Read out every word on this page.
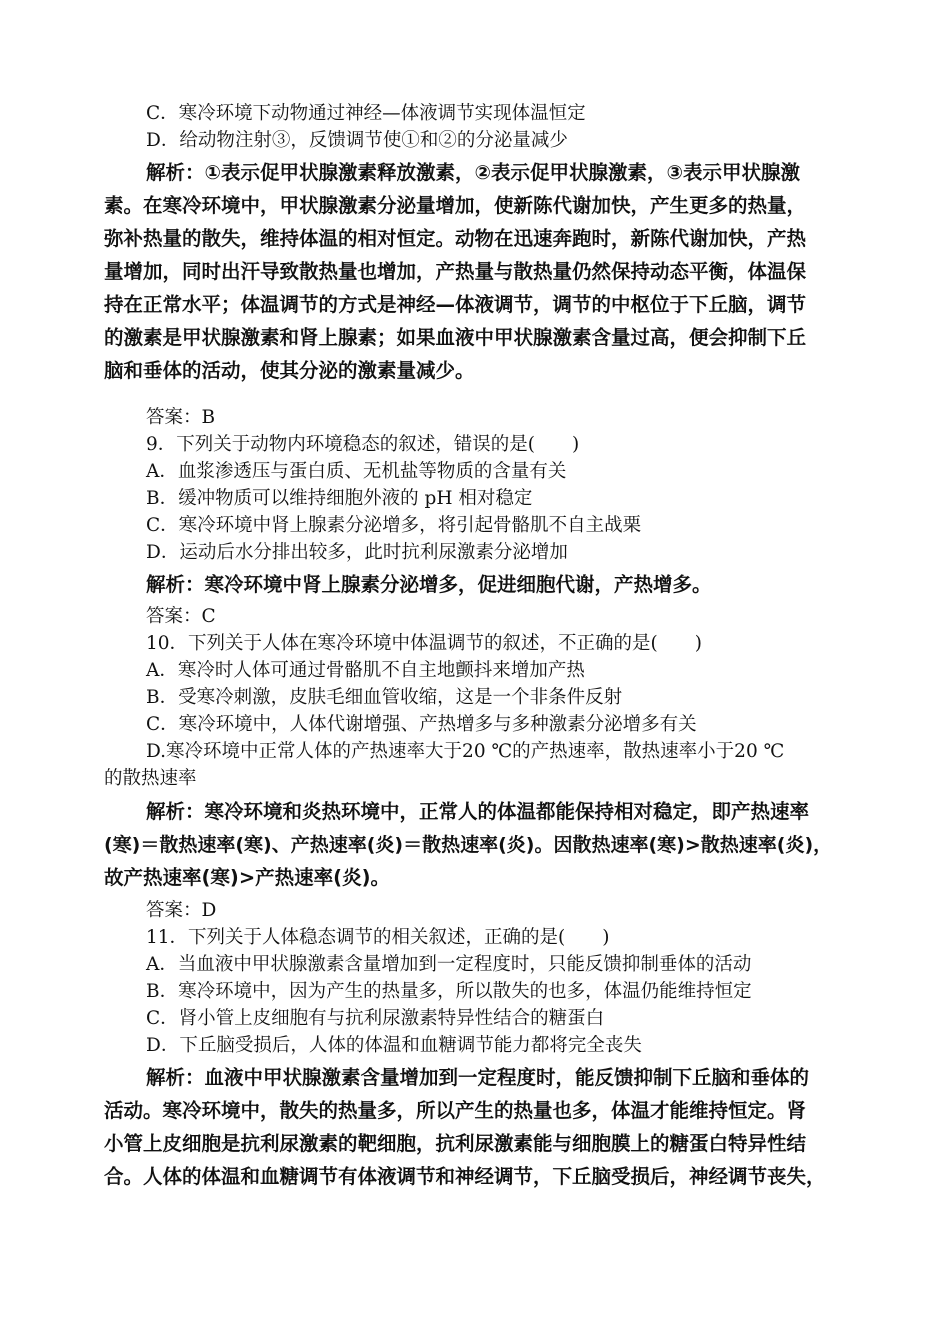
C．寒冷环境下动物通过神经—体液调节实现体温恒定
D．给动物注射③，反馈调节使①和②的分泌量减少
解析：①表示促甲状腺激素释放激素，②表示促甲状腺激素，③表示甲状腺激
素。在寒冷环境中，甲状腺激素分泌量增加，使新陈代谢加快，产生更多的热量，
弥补热量的散失，维持体温的相对恒定。动物在迅速奔跑时，新陈代谢加快，产热
量增加，同时出汗导致散热量也增加，产热量与散热量仍然保持动态平衡，体温保
持在正常水平；体温调节的方式是神经—体液调节，调节的中枢位于下丘脑，调节
的激素是甲状腺激素和肾上腺素；如果血液中甲状腺激素含量过高，便会抑制下丘
脑和垂体的活动，使其分泌的激素量减少。
答案：B
9．下列关于动物内环境稳态的叙述，错误的是(　　)
A．血浆渗透压与蛋白质、无机盐等物质的含量有关
B．缓冲物质可以维持细胞外液的 pH 相对稳定
C．寒冷环境中肾上腺素分泌增多，将引起骨骼肌不自主战栗
D．运动后水分排出较多，此时抗利尿激素分泌增加
解析：寒冷环境中肾上腺素分泌增多，促进细胞代谢，产热增多。
答案：C
10．下列关于人体在寒冷环境中体温调节的叙述，不正确的是(　　)
A．寒冷时人体可通过骨骼肌不自主地颤抖来增加产热
B．受寒冷刺激，皮肤毛细血管收缩，这是一个非条件反射
C．寒冷环境中，人体代谢增强、产热增多与多种激素分泌增多有关
D.寒冷环境中正常人体的产热速率大于20 ℃的产热速率，散热速率小于20 ℃
的散热速率
解析：寒冷环境和炎热环境中，正常人的体温都能保持相对稳定，即产热速率
(寒)＝散热速率(寒)、产热速率(炎)＝散热速率(炎)。因散热速率(寒)>散热速率(炎)，
故产热速率(寒)>产热速率(炎)。
答案：D
11．下列关于人体稳态调节的相关叙述，正确的是(　　)
A．当血液中甲状腺激素含量增加到一定程度时，只能反馈抑制垂体的活动
B．寒冷环境中，因为产生的热量多，所以散失的也多，体温仍能维持恒定
C．肾小管上皮细胞有与抗利尿激素特异性结合的糖蛋白
D．下丘脑受损后，人体的体温和血糖调节能力都将完全丧失
解析：血液中甲状腺激素含量增加到一定程度时，能反馈抑制下丘脑和垂体的
活动。寒冷环境中，散失的热量多，所以产生的热量也多，体温才能维持恒定。肾
小管上皮细胞是抗利尿激素的靶细胞，抗利尿激素能与细胞膜上的糖蛋白特异性结
合。人体的体温和血糖调节有体液调节和神经调节，下丘脑受损后，神经调节丧失，
